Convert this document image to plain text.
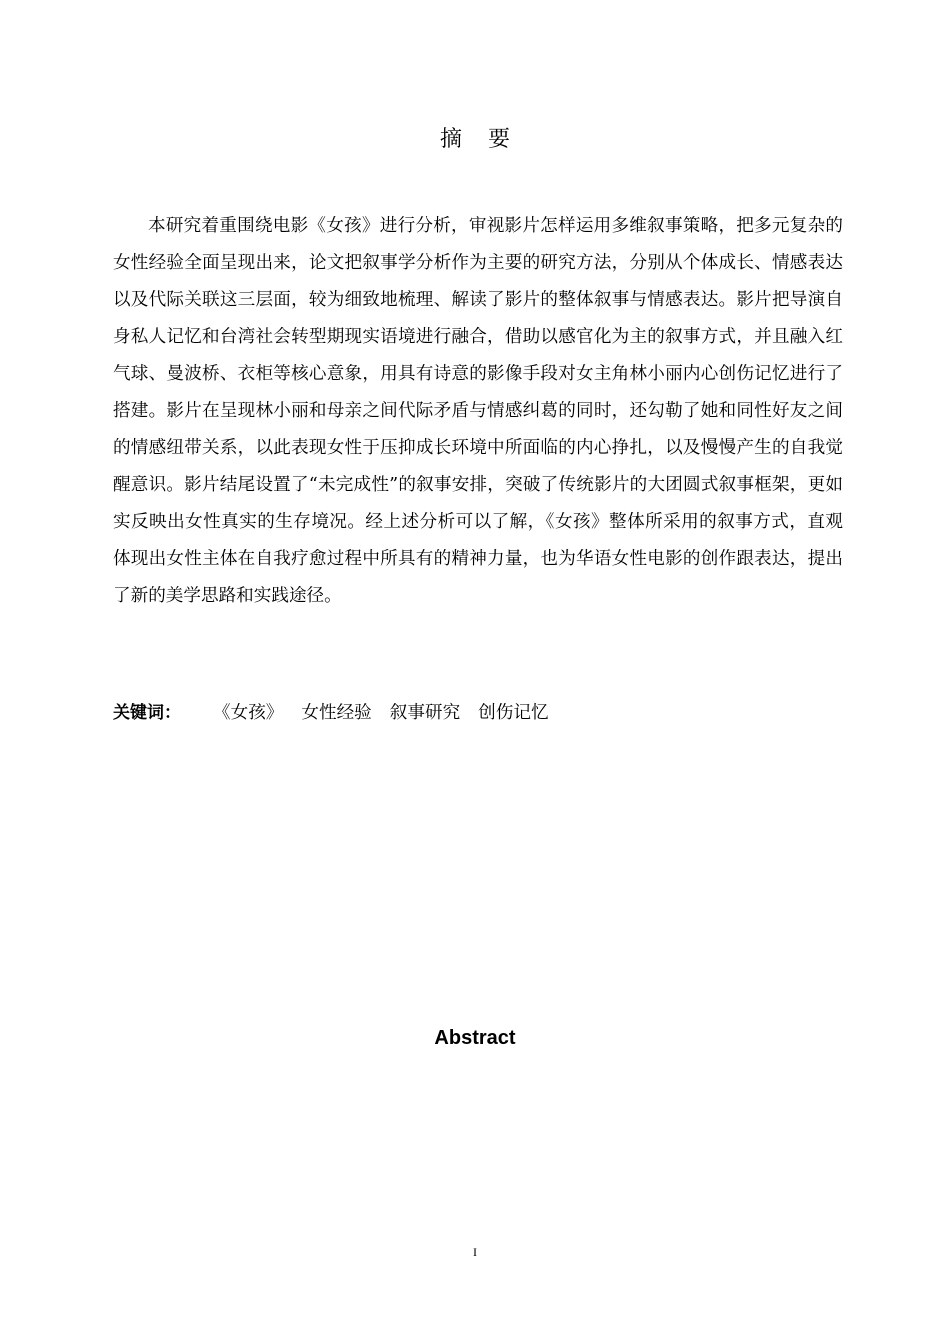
摘要

本研究着重围绕电影《女孩》进行分析，审视影片怎样运用多维叙事策略，把多元复杂的女性经验全面呈现出来，论文把叙事学分析作为主要的研究方法，分别从个体成长、情感表达以及代际关联这三层面，较为细致地梳理、解读了影片的整体叙事与情感表达。影片把导演自身私人记忆和台湾社会转型期现实语境进行融合，借助以感官化为主的叙事方式，并且融入红气球、曼波桥、衣柜等核心意象，用具有诗意的影像手段对女主角林小丽内心创伤记忆进行了搭建。影片在呈现林小丽和母亲之间代际矛盾与情感纠葛的同时，还勾勒了她和同性好友之间的情感纽带关系，以此表现女性于压抑成长环境中所面临的内心挣扎，以及慢慢产生的自我觉醒意识。影片结尾设置了“未完成性”的叙事安排，突破了传统影片的大团圆式叙事框架，更如实反映出女性真实的生存境况。经上述分析可以了解，《女孩》整体所采用的叙事方式，直观体现出女性主体在自我疗愈过程中所具有的精神力量，也为华语女性电影的创作跟表达，提出了新的美学思路和实践途径。

关键词： 《女孩》 女性经验 叙事研究 创伤记忆
Abstract
I
